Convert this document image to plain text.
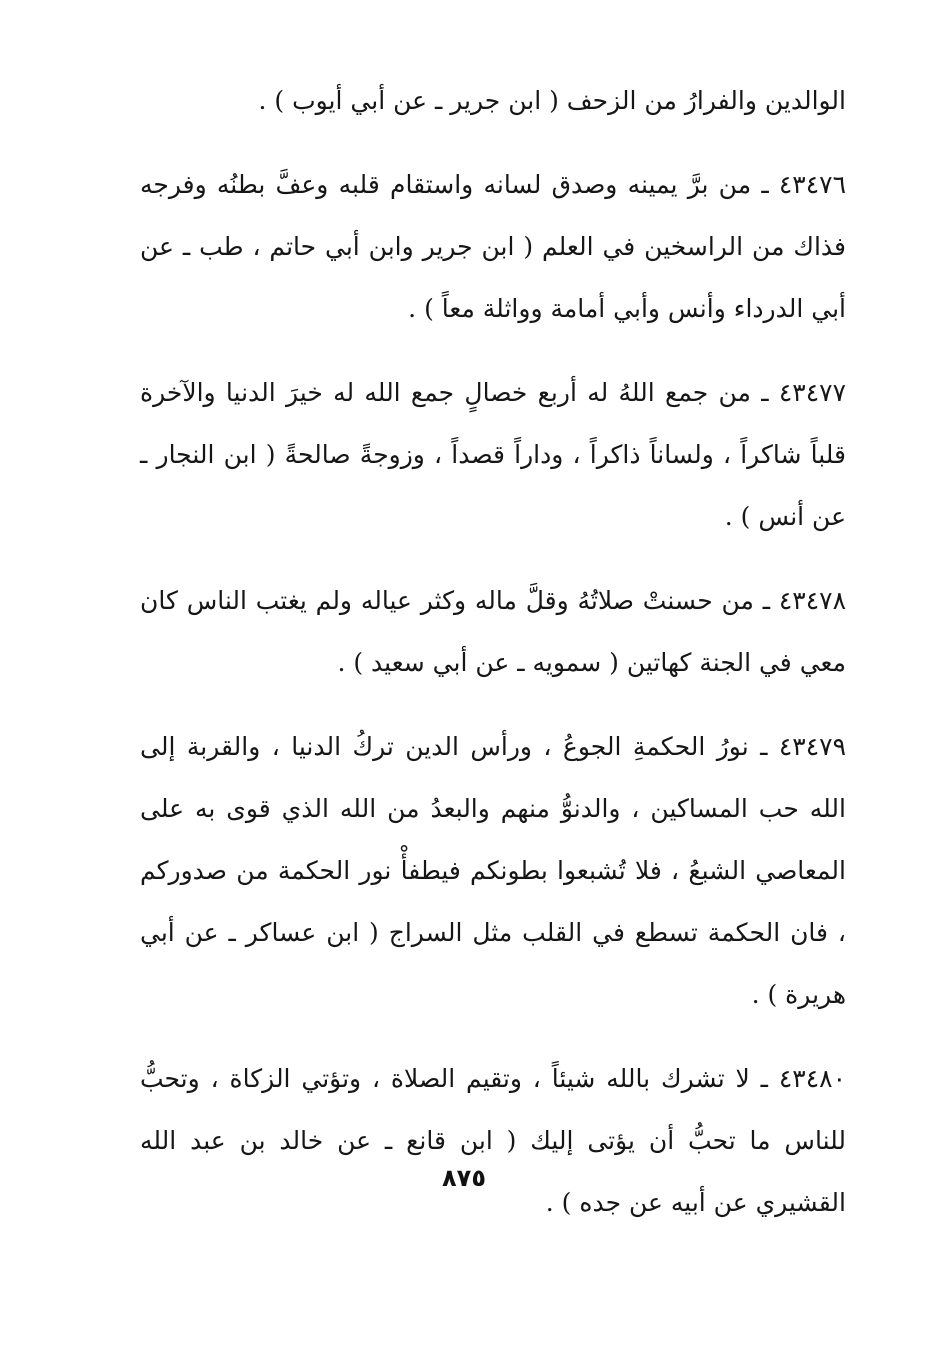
الوالدين والفرارُ من الزحف ( ابن جرير ـ عن أبي أيوب ) .

٤٣٤٧٦ ـ من برَّ يمينه وصدق لسانه واستقام قلبه وعفَّ بطنُه وفرجه فذاك من الراسخين في العلم ( ابن جرير وابن أبي حاتم ، طب ـ عن أبي الدرداء وأنس وأبي أمامة وواثلة معاً ) .

٤٣٤٧٧ ـ من جمع اللهُ له أربع خصالٍ جمع الله له خيرَ الدنيا والآخرة قلباً شاكراً ، ولساناً ذاكراً ، وداراً قصداً ، وزوجةً صالحةً ( ابن النجار ـ عن أنس ) .

٤٣٤٧٨ ـ من حسنتْ صلاتُهُ وقلَّ ماله وكثر عياله ولم يغتب الناس كان معي في الجنة كهاتين ( سمويه ـ عن أبي سعيد ) .

٤٣٤٧٩ ـ نورُ الحكمةِ الجوعُ ، ورأس الدين تركُ الدنيا ، والقربة إلى الله حب المساكين ، والدنوُّ منهم والبعدُ من الله الذي قوى به على المعاصي الشبعُ ، فلا تُشبعوا بطونكم فيطفأْ نور الحكمة من صدوركم ، فان الحكمة تسطع في القلب مثل السراج ( ابن عساكر ـ عن أبي هريرة ) .

٤٣٤٨٠ ـ لا تشرك بالله شيئاً ، وتقيم الصلاة ، وتؤتي الزكاة ، وتحبُّ للناس ما تحبُّ أن يؤتى إليك ( ابن قانع ـ عن خالد بن عبد الله القشيري عن أبيه عن جده ) .

٨٧٥
